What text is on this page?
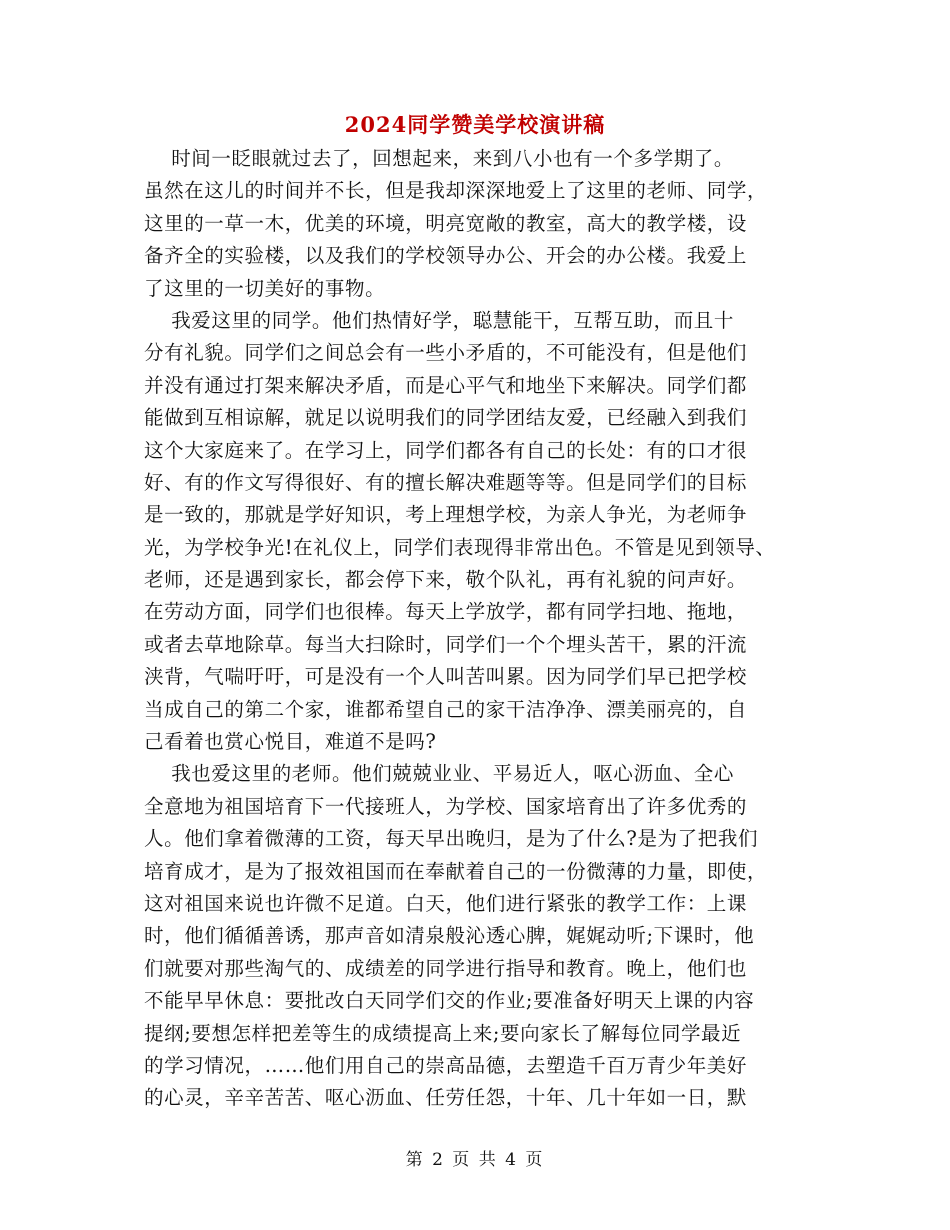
2024同学赞美学校演讲稿
时间一眨眼就过去了，回想起来，来到八小也有一个多学期了。
虽然在这儿的时间并不长，但是我却深深地爱上了这里的老师、同学，
这里的一草一木，优美的环境，明亮宽敞的教室，高大的教学楼，设
备齐全的实验楼，以及我们的学校领导办公、开会的办公楼。我爱上
了这里的一切美好的事物。
我爱这里的同学。他们热情好学，聪慧能干，互帮互助，而且十
分有礼貌。同学们之间总会有一些小矛盾的，不可能没有，但是他们
并没有通过打架来解决矛盾，而是心平气和地坐下来解决。同学们都
能做到互相谅解，就足以说明我们的同学团结友爱，已经融入到我们
这个大家庭来了。在学习上，同学们都各有自己的长处：有的口才很
好、有的作文写得很好、有的擅长解决难题等等。但是同学们的目标
是一致的，那就是学好知识，考上理想学校，为亲人争光，为老师争
光，为学校争光!在礼仪上，同学们表现得非常出色。不管是见到领导、
老师，还是遇到家长，都会停下来，敬个队礼，再有礼貌的问声好。
在劳动方面，同学们也很棒。每天上学放学，都有同学扫地、拖地，
或者去草地除草。每当大扫除时，同学们一个个埋头苦干，累的汗流
浃背，气喘吁吁，可是没有一个人叫苦叫累。因为同学们早已把学校
当成自己的第二个家，谁都希望自己的家干洁净净、漂美丽亮的，自
己看着也赏心悦目，难道不是吗?
我也爱这里的老师。他们兢兢业业、平易近人，呕心沥血、全心
全意地为祖国培育下一代接班人，为学校、国家培育出了许多优秀的
人。他们拿着微薄的工资，每天早出晚归，是为了什么?是为了把我们
培育成才，是为了报效祖国而在奉献着自己的一份微薄的力量，即使，
这对祖国来说也许微不足道。白天，他们进行紧张的教学工作：上课
时，他们循循善诱，那声音如清泉般沁透心脾，娓娓动听;下课时，他
们就要对那些淘气的、成绩差的同学进行指导和教育。晚上，他们也
不能早早休息：要批改白天同学们交的作业;要准备好明天上课的内容
提纲;要想怎样把差等生的成绩提高上来;要向家长了解每位同学最近
的学习情况，……他们用自己的崇高品德，去塑造千百万青少年美好
的心灵，辛辛苦苦、呕心沥血、任劳任怨，十年、几十年如一日，默
第 2 页 共 4 页
